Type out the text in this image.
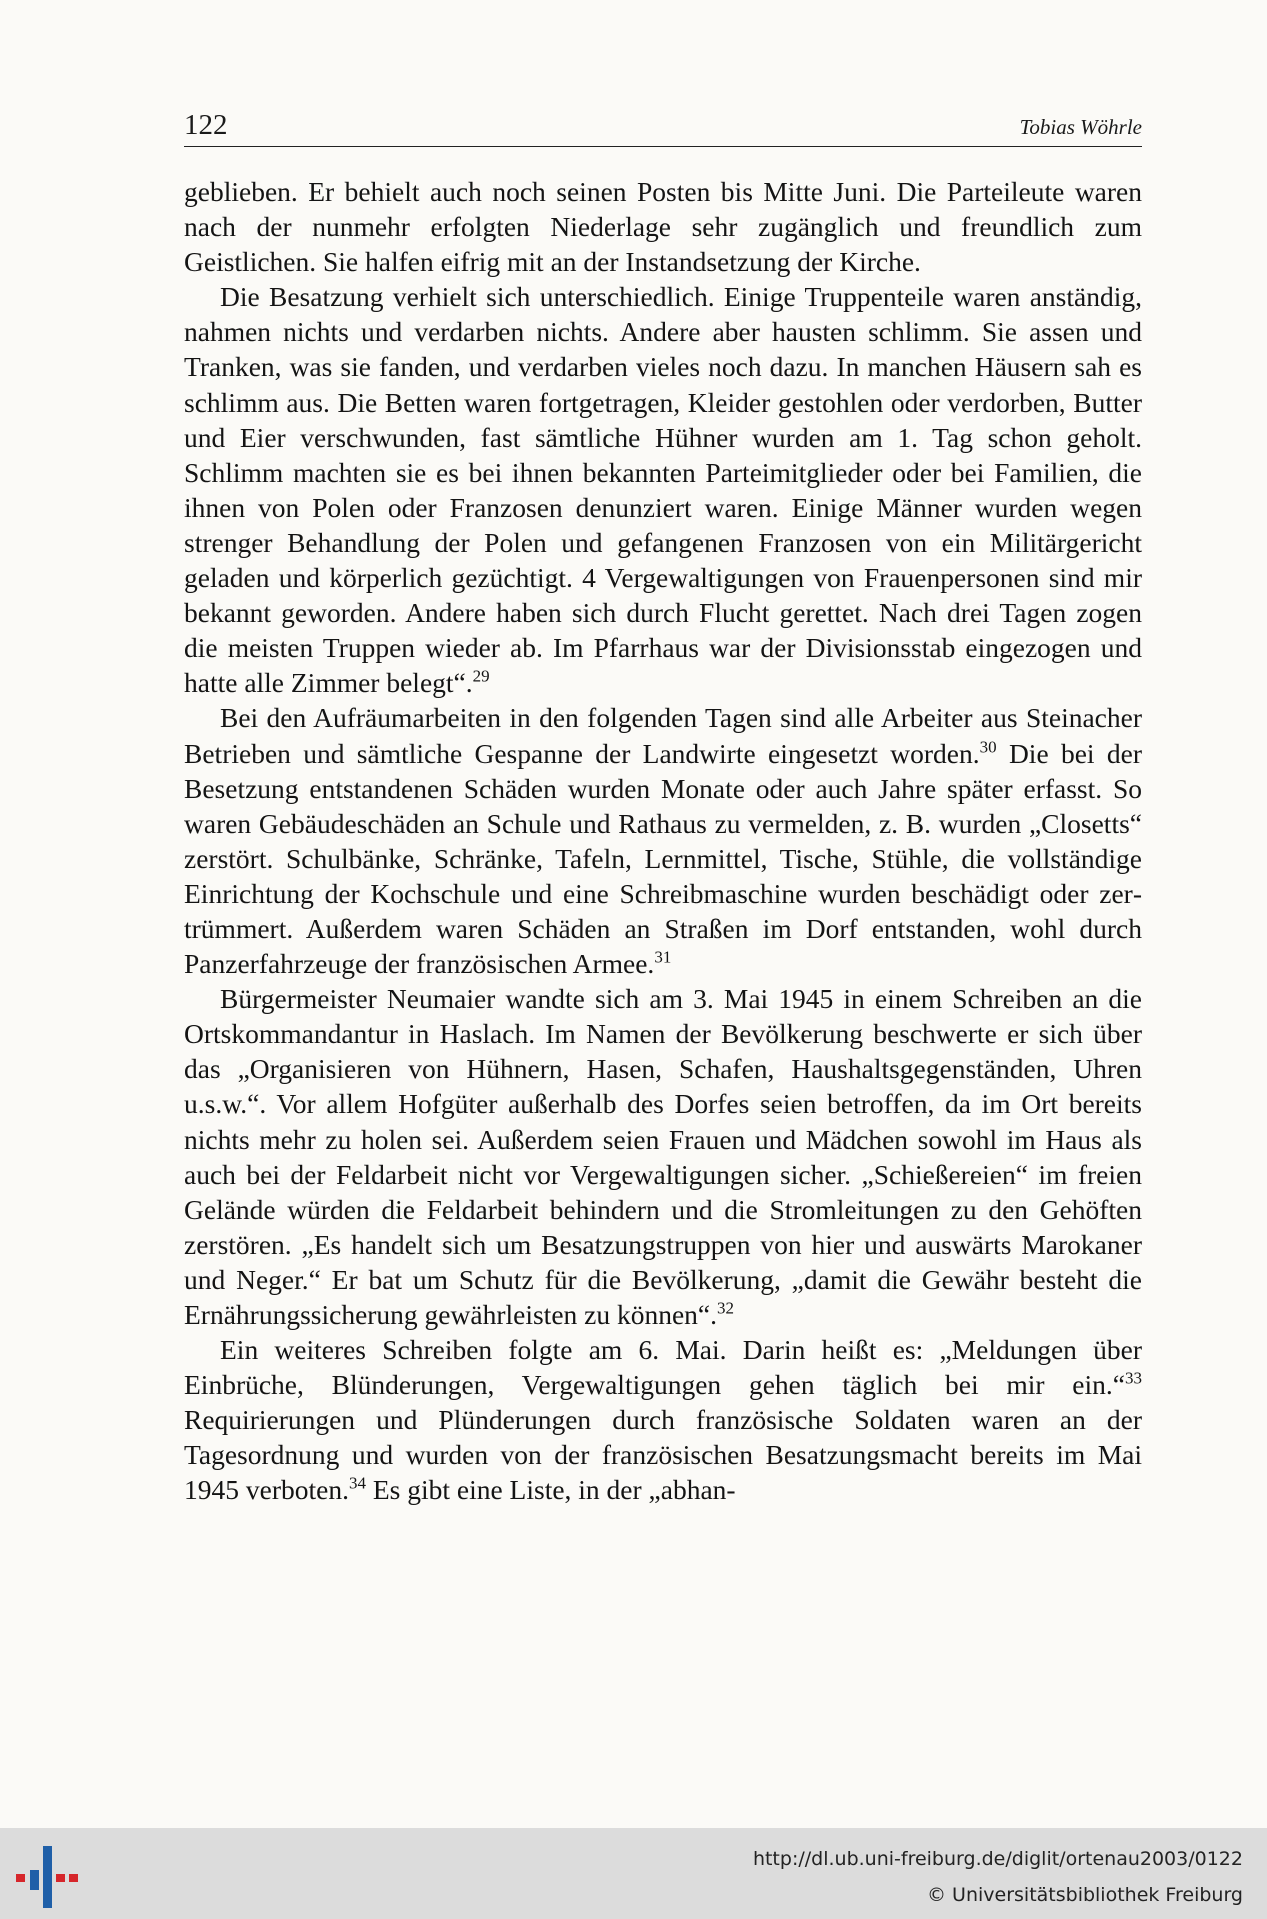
122	Tobias Wöhrle

geblieben. Er behielt auch noch seinen Posten bis Mitte Juni. Die Parteileute waren nach der nunmehr erfolgten Niederlage sehr zugänglich und freundlich zum Geistlichen. Sie halfen eifrig mit an der Instandsetzung der Kirche.

Die Besatzung verhielt sich unterschiedlich. Einige Truppenteile waren anständig, nahmen nichts und verdarben nichts. Andere aber hausten schlimm. Sie assen und Tranken, was sie fanden, und verdarben vieles noch dazu. In manchen Häusern sah es schlimm aus. Die Betten waren fortgetragen, Kleider gestohlen oder verdorben, Butter und Eier verschwunden, fast sämtliche Hühner wurden am 1. Tag schon geholt. Schlimm machten sie es bei ihnen bekannten Parteimitglieder oder bei Familien, die ihnen von Polen oder Franzosen denunziert waren. Einige Männer wurden wegen strenger Behandlung der Polen und gefangenen Franzosen von ein Militärgericht geladen und körperlich gezüchtigt. 4 Vergewaltigungen von Frauenpersonen sind mir bekannt geworden. Andere haben sich durch Flucht gerettet. Nach drei Tagen zogen die meisten Truppen wieder ab. Im Pfarrhaus war der Divisionsstab eingezogen und hatte alle Zimmer belegt“.$^{29}$

Bei den Aufräumarbeiten in den folgenden Tagen sind alle Arbeiter aus Steinacher Betrieben und sämtliche Gespanne der Landwirte eingesetzt worden.$^{30}$ Die bei der Besetzung entstandenen Schäden wurden Monate oder auch Jahre später erfasst. So waren Gebäudeschäden an Schule und Rathaus zu vermelden, z. B. wurden „Closetts“ zerstört. Schulbänke, Schränke, Tafeln, Lernmittel, Tische, Stühle, die vollständige Einrichtung der Kochschule und eine Schreibmaschine wurden beschädigt oder zertrümmert. Außerdem waren Schäden an Straßen im Dorf entstanden, wohl durch Panzerfahrzeuge der französischen Armee.$^{31}$

Bürgermeister Neumaier wandte sich am 3. Mai 1945 in einem Schreiben an die Ortskommandantur in Haslach. Im Namen der Bevölkerung beschwerte er sich über das „Organisieren von Hühnern, Hasen, Schafen, Haushaltsgegenständen, Uhren u.s.w.“. Vor allem Hofgüter außerhalb des Dorfes seien betroffen, da im Ort bereits nichts mehr zu holen sei. Außerdem seien Frauen und Mädchen sowohl im Haus als auch bei der Feldarbeit nicht vor Vergewaltigungen sicher. „Schießereien“ im freien Gelände würden die Feldarbeit behindern und die Stromleitungen zu den Gehöften zerstören. „Es handelt sich um Besatzungstruppen von hier und auswärts Marokaner und Neger.“ Er bat um Schutz für die Bevölkerung, „damit die Gewähr besteht die Ernährungssicherung gewährleisten zu können“.$^{32}$

Ein weiteres Schreiben folgte am 6. Mai. Darin heißt es: „Meldungen über Einbrüche, Blünderungen, Vergewaltigungen gehen täglich bei mir ein.“$^{33}$ Requirierungen und Plünderungen durch französische Soldaten waren an der Tagesordnung und wurden von der französischen Besatzungsmacht bereits im Mai 1945 verboten.$^{34}$ Es gibt eine Liste, in der „abhan-

http://dl.ub.uni-freiburg.de/diglit/ortenau2003/0122
© Universitätsbibliothek Freiburg
